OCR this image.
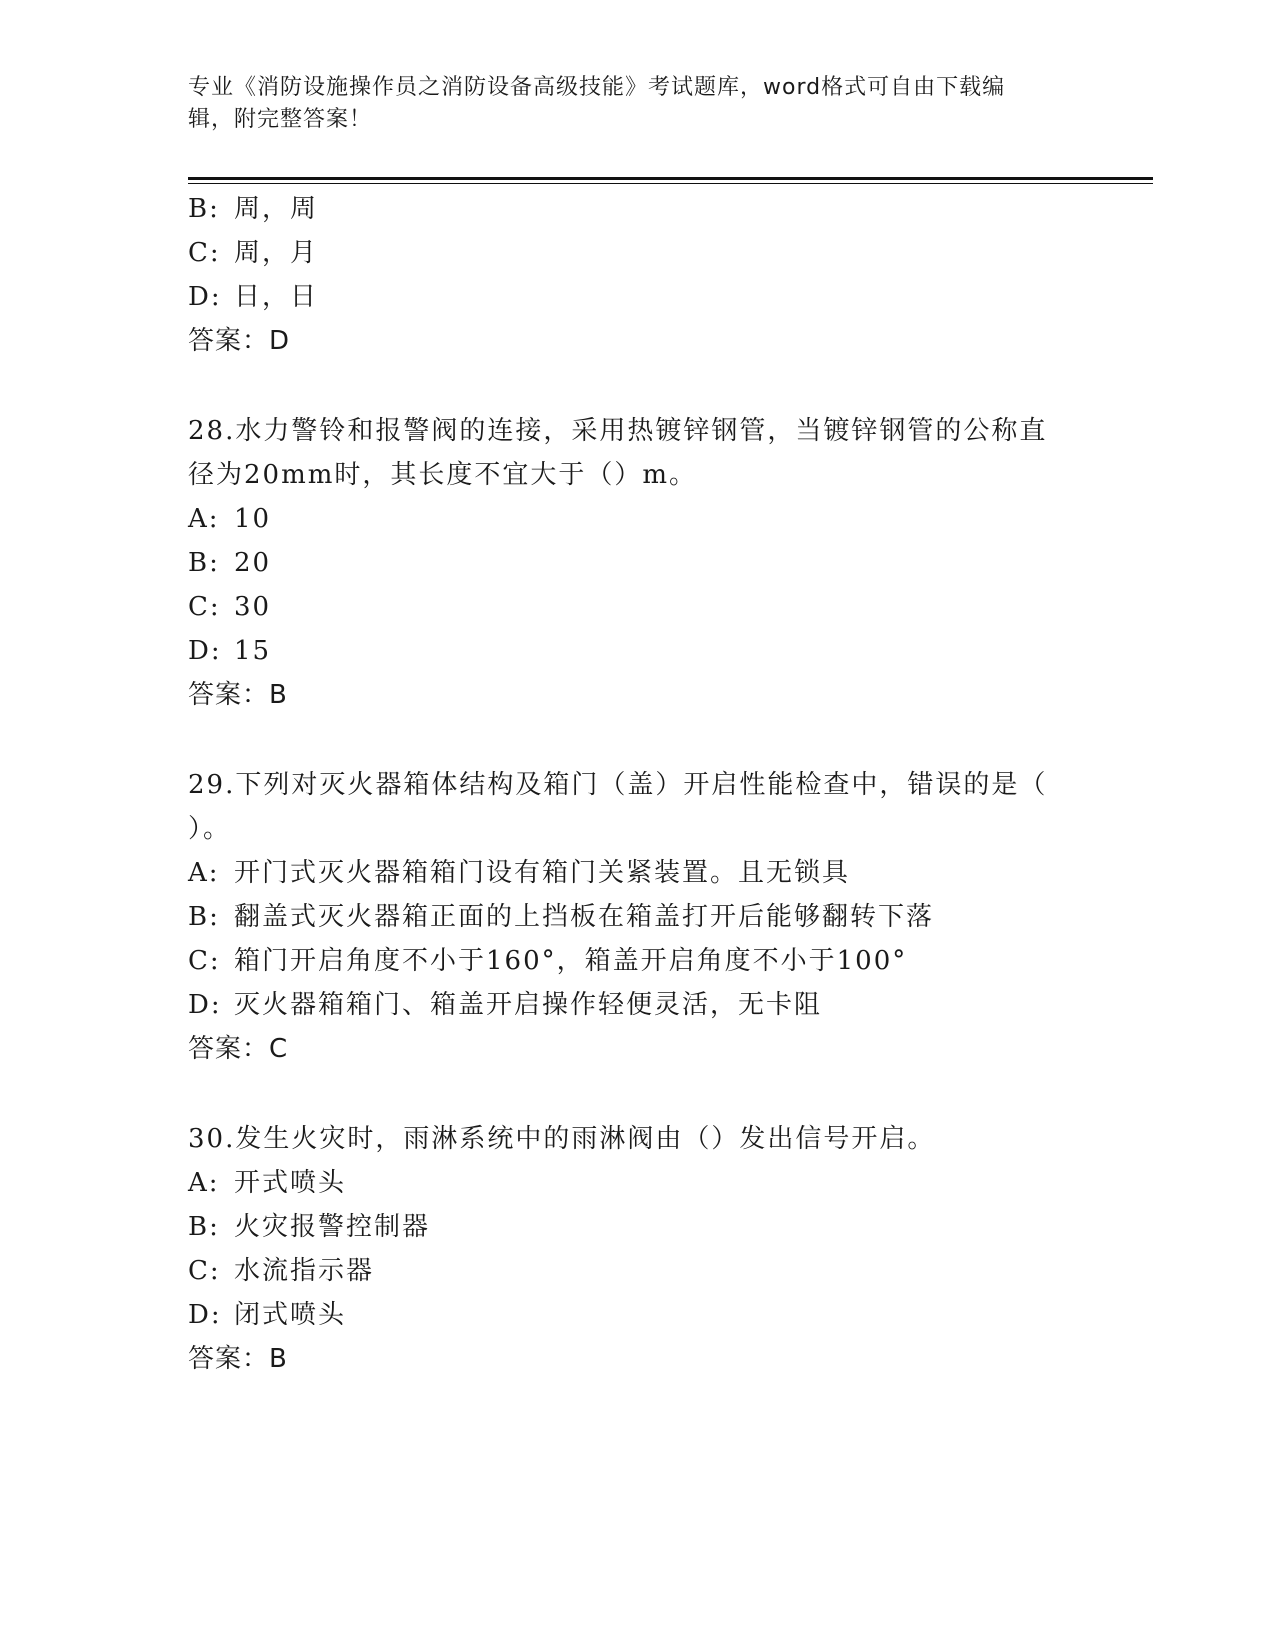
专业《消防设施操作员之消防设备高级技能》考试题库，word格式可自由下载编
辑，附完整答案！
B: 周，周
C: 周，月
D: 日，日
答案：D
28.水力警铃和报警阀的连接，采用热镀锌钢管，当镀锌钢管的公称直
径为20mm时，其长度不宜大于（）m。
A: 10
B: 20
C: 30
D: 15
答案：B
29.下列对灭火器箱体结构及箱门（盖）开启性能检查中，错误的是（
）。
A: 开门式灭火器箱箱门设有箱门关紧装置。且无锁具
B: 翻盖式灭火器箱正面的上挡板在箱盖打开后能够翻转下落
C: 箱门开启角度不小于160°，箱盖开启角度不小于100°
D: 灭火器箱箱门、箱盖开启操作轻便灵活，无卡阻
答案：C
30.发生火灾时，雨淋系统中的雨淋阀由（）发出信号开启。
A: 开式喷头
B: 火灾报警控制器
C: 水流指示器
D: 闭式喷头
答案：B
